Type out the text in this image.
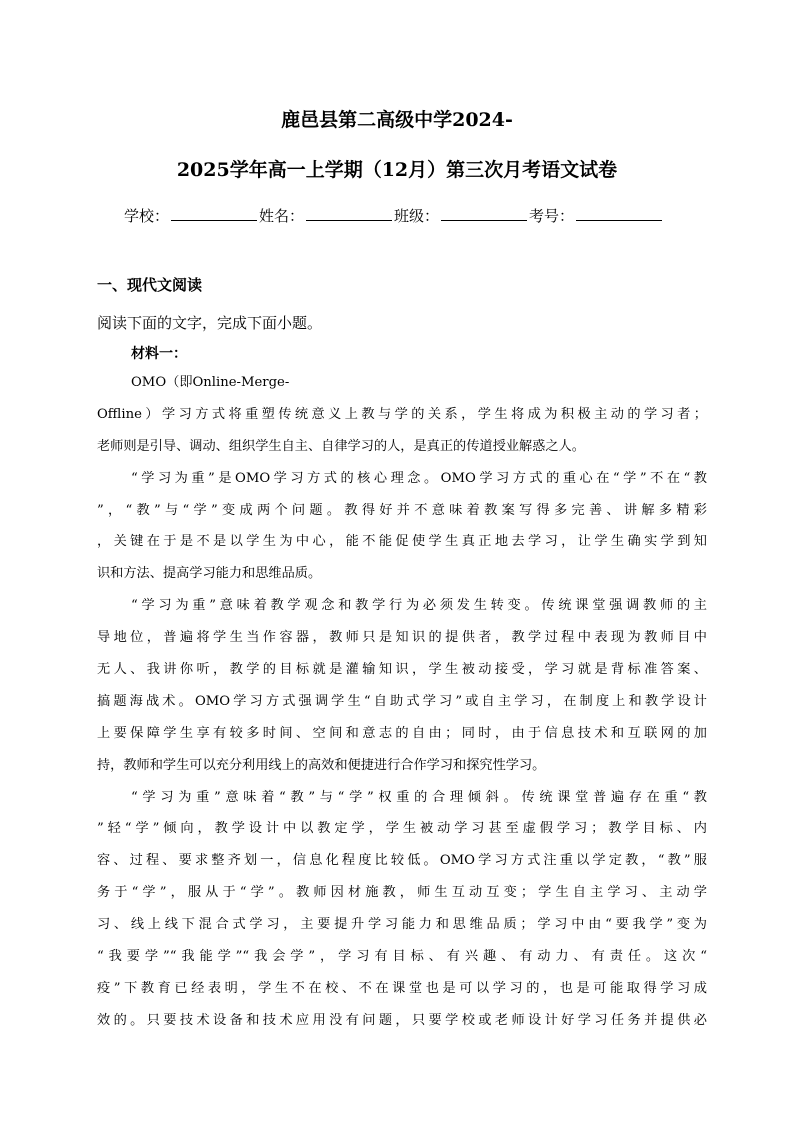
鹿邑县第二高级中学2024-
2025学年高一上学期（12月）第三次月考语文试卷
学校：	姓名：	班级：	考号：
一、现代文阅读
阅读下面的文字，完成下面小题。
材料一：
OMO（即Online-Merge-
Offline）学习方式将重塑传统意义上教与学的关系，学生将成为积极主动的学习者；
老师则是引导、调动、组织学生自主、自律学习的人，是真正的传道授业解惑之人。
“学习为重”是OMO学习方式的核心理念。OMO学习方式的重心在“学”不在“教
”，“教”与“学”变成两个问题。教得好并不意味着教案写得多完善、讲解多精彩
，关键在于是不是以学生为中心，能不能促使学生真正地去学习，让学生确实学到知
识和方法、提高学习能力和思维品质。
“学习为重”意味着教学观念和教学行为必须发生转变。传统课堂强调教师的主
导地位，普遍将学生当作容器，教师只是知识的提供者，教学过程中表现为教师目中
无人、我讲你听，教学的目标就是灌输知识，学生被动接受，学习就是背标准答案、
搞题海战术。OMO学习方式强调学生“自助式学习”或自主学习，在制度上和教学设计
上要保障学生享有较多时间、空间和意志的自由；同时，由于信息技术和互联网的加
持，教师和学生可以充分利用线上的高效和便捷进行合作学习和探究性学习。
“学习为重”意味着“教”与“学”权重的合理倾斜。传统课堂普遍存在重“教
”轻“学”倾向，教学设计中以教定学，学生被动学习甚至虚假学习；教学目标、内
容、过程、要求整齐划一，信息化程度比较低。OMO学习方式注重以学定教，“教”服
务于“学”，服从于“学”。教师因材施教，师生互动互变；学生自主学习、主动学
习、线上线下混合式学习，主要提升学习能力和思维品质；学习中由“要我学”变为
“我要学”“我能学”“我会学”，学习有目标、有兴趣、有动力、有责任。这次“
疫”下教育已经表明，学生不在校、不在课堂也是可以学习的，也是可能取得学习成
效的。只要技术设备和技术应用没有问题，只要学校或老师设计好学习任务并提供必
